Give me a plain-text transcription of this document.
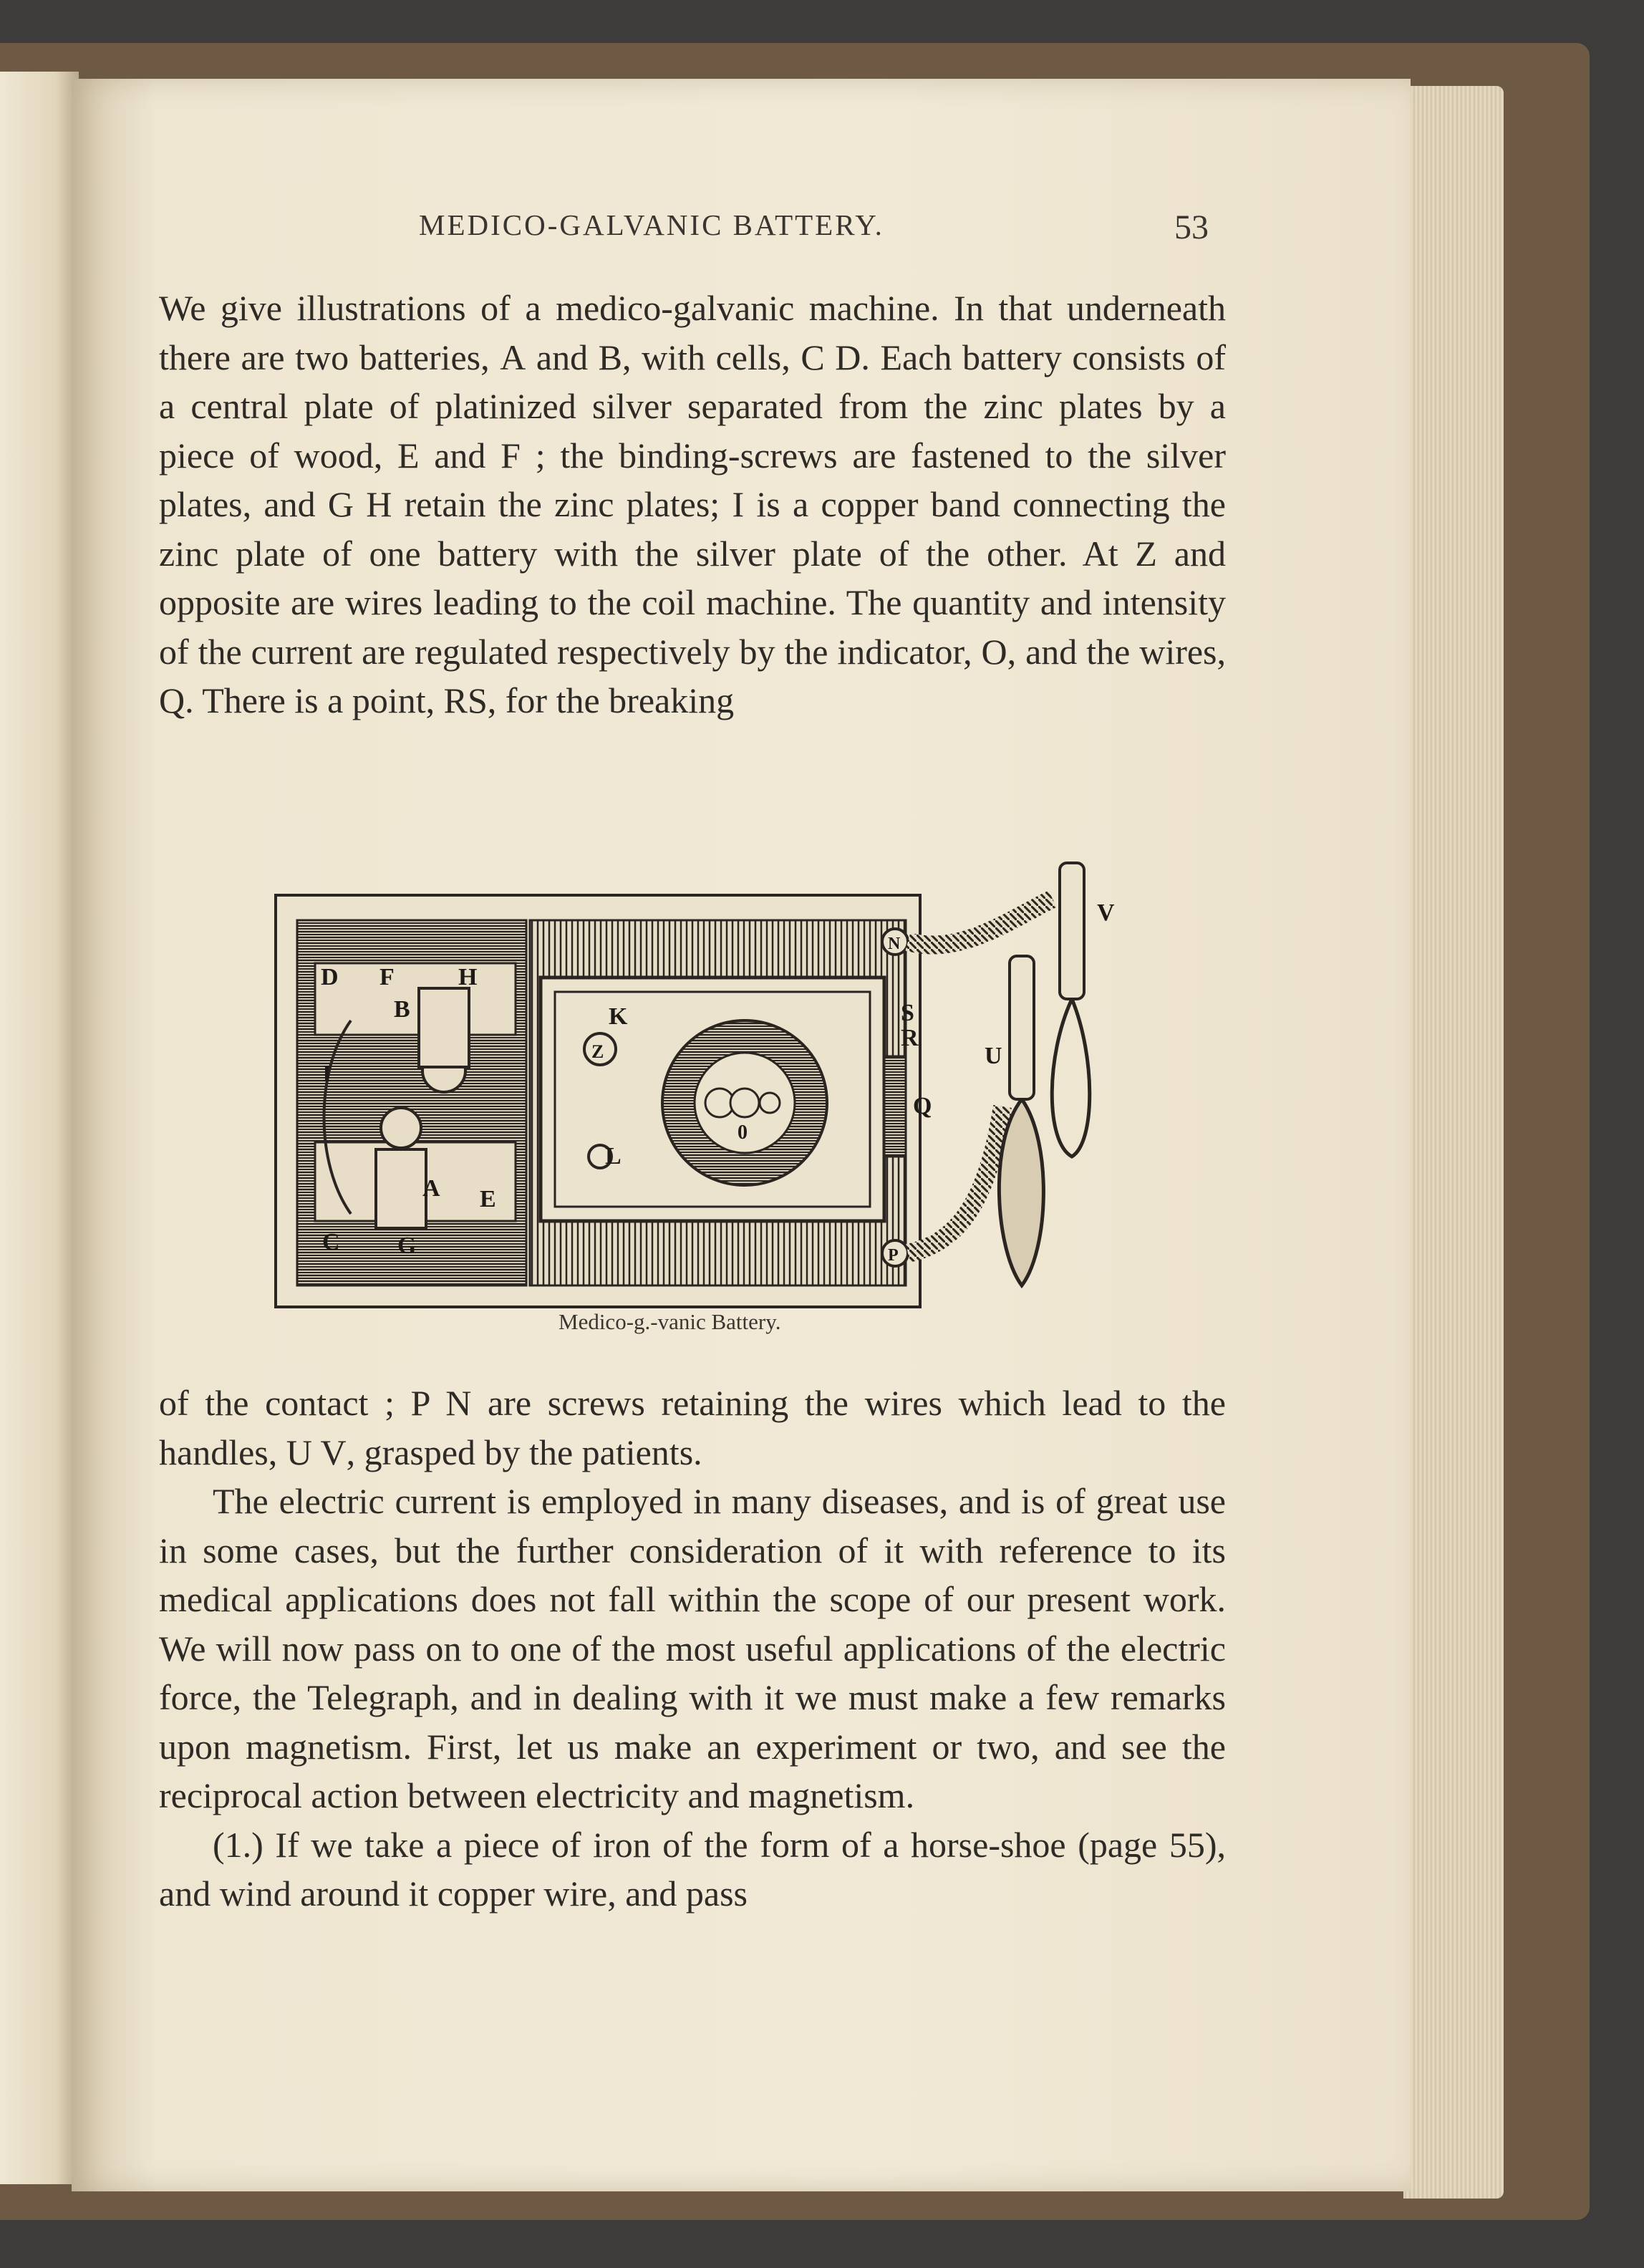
MEDICO-GALVANIC BATTERY.	53

We give illustrations of a medico-galvanic machine. In that underneath there are two batteries, A and B, with cells, C D. Each battery consists of a central plate of platinized silver separated from the zinc plates by a piece of wood, E and F ; the binding-screws are fastened to the silver plates, and G H retain the zinc plates; I is a copper band connecting the zinc plate of one battery with the silver plate of the other. At Z and opposite are wires leading to the coil machine. The quantity and intensity of the current are regulated respectively by the indicator, O, and the wires, Q. There is a point, RS, for the breaking

D F	H
B
I
K
Z
N
S
R
Q
U
V
A E
C G
L
P
0
Medico-g.-vanic Battery.

of the contact ; P N are screws retaining the wires which lead to the handles, U V, grasped by the patients.

The electric current is employed in many diseases, and is of great use in some cases, but the further consideration of it with reference to its medical applications does not fall within the scope of our present work. We will now pass on to one of the most useful applications of the electric force, the Telegraph, and in dealing with it we must make a few remarks upon magnetism. First, let us make an experiment or two, and see the reciprocal action between electricity and magnetism.

(1.) If we take a piece of iron of the form of a horse-shoe (page 55), and wind around it copper wire, and pass
